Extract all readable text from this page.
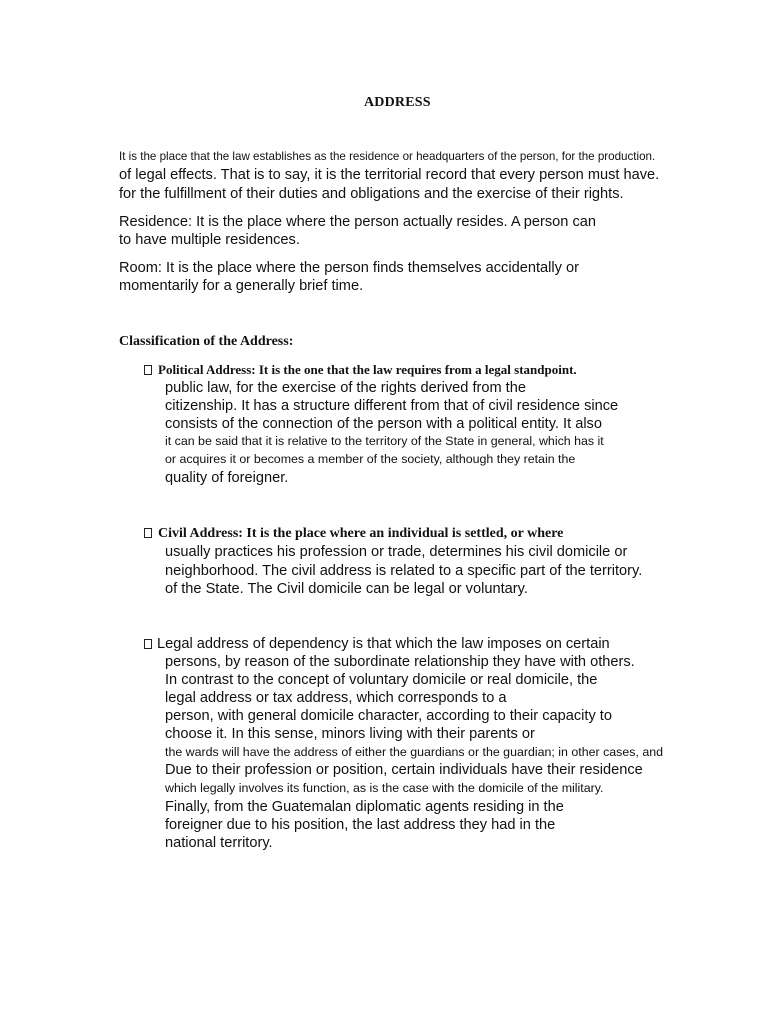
ADDRESS
It is the place that the law establishes as the residence or headquarters of the person, for the production.
of legal effects. That is to say, it is the territorial record that every person must have.
for the fulfillment of their duties and obligations and the exercise of their rights.
Residence: It is the place where the person actually resides. A person can
to have multiple residences.
Room: It is the place where the person finds themselves accidentally or
momentarily for a generally brief time.
Classification of the Address:
Political Address: It is the one that the law requires from a legal standpoint.
public law, for the exercise of the rights derived from the
citizenship. It has a structure different from that of civil residence since
consists of the connection of the person with a political entity. It also
it can be said that it is relative to the territory of the State in general, which has it
or acquires it or becomes a member of the society, although they retain the
quality of foreigner.
Civil Address: It is the place where an individual is settled, or where
usually practices his profession or trade, determines his civil domicile or
neighborhood. The civil address is related to a specific part of the territory.
of the State. The Civil domicile can be legal or voluntary.
Legal address of dependency is that which the law imposes on certain
persons, by reason of the subordinate relationship they have with others.
In contrast to the concept of voluntary domicile or real domicile, the
legal address or tax address, which corresponds to a
person, with general domicile character, according to their capacity to
choose it. In this sense, minors living with their parents or
the wards will have the address of either the guardians or the guardian; in other cases, and
Due to their profession or position, certain individuals have their residence
which legally involves its function, as is the case with the domicile of the military.
Finally, from the Guatemalan diplomatic agents residing in the
foreigner due to his position, the last address they had in the
national territory.
